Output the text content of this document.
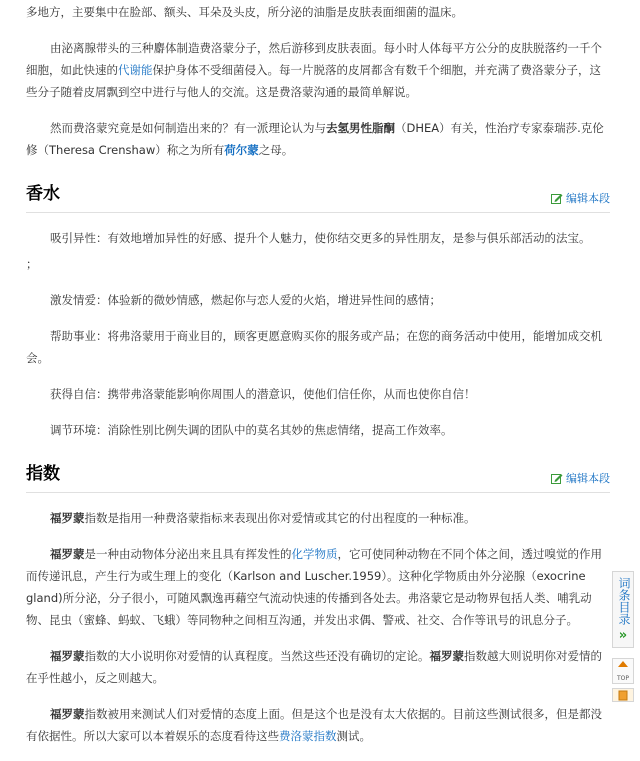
多地方，主要集中在脸部、额头、耳朵及头皮，所分泌的油脂是皮肤表面细菌的温床。

由泌离腺带头的三种麝体制造费洛蒙分子，然后游移到皮肤表面。每小时人体每平方公分的皮肤脱落约一千个细胞，如此快速的代谢能保护身体不受细菌侵入。每一片脱落的皮屑都含有数千个细胞，并充满了费洛蒙分子，这些分子随着皮屑飘到空中进行与他人的交流。这是费洛蒙沟通的最简单解说。

然而费洛蒙究竟是如何制造出来的？有一派理论认为与去氢男性脂酮（DHEA）有关，性治疗专家泰瑞莎.克伦修（Theresa Crenshaw）称之为所有荷尔蒙之母。

香水	编辑本段

吸引异性：有效地增加异性的好感、提升个人魅力，使你结交更多的异性朋友，是参与俱乐部活动的法宝。

；

激发情爱：体验新的微妙情感，燃起你与恋人爱的火焰，增进异性间的感情；

帮助事业：将弗洛蒙用于商业目的，顾客更愿意购买你的服务或产品；在您的商务活动中使用，能增加成交机会。

获得自信：携带弗洛蒙能影响你周围人的潜意识，使他们信任你，从而也使你自信！

调节环境：消除性别比例失调的团队中的莫名其妙的焦虑情绪，提高工作效率。

指数	编辑本段

福罗蒙指数是指用一种费洛蒙指标来表现出你对爱情或其它的付出程度的一种标准。

福罗蒙是一种由动物体分泌出来且具有挥发性的化学物质，它可使同种动物在不同个体之间，透过嗅觉的作用而传递讯息，产生行为或生理上的变化（Karlson and Luscher.1959）。这种化学物质由外分泌腺（exocrine gland)所分泌，分子很小，可随风飘逸再藉空气流动快速的传播到各处去。弗洛蒙它是动物界包括人类、哺乳动物、昆虫（蜜蜂、蚂蚁、飞蛾）等同物种之间相互沟通，并发出求偶、警戒、社交、合作等讯号的讯息分子。

福罗蒙指数的大小说明你对爱情的认真程度。当然这些还没有确切的定论。福罗蒙指数越大则说明你对爱情的在乎性越小，反之则越大。

福罗蒙指数被用来测试人们对爱情的态度上面。但是这个也是没有太大依据的。目前这些测试很多，但是都没有依据性。所以大家可以本着娱乐的态度看待这些费洛蒙指数测试。

词条目录
»
TOP
